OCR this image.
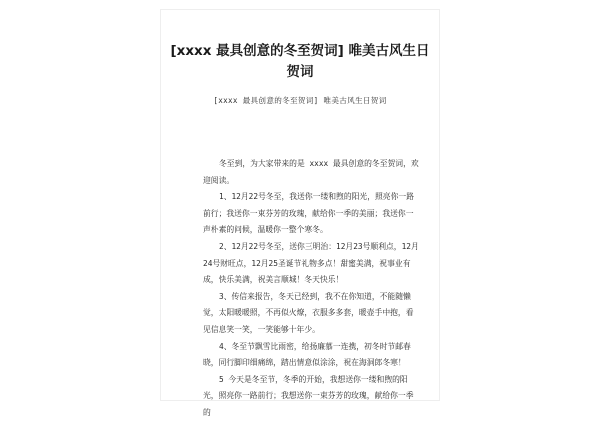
[xxxx 最具创意的冬至贺词] 唯美古风生日
贺词
[xxxx 最具创意的冬至贺词] 唯美古风生日贺词

冬至到，为大家带来的是 xxxx 最具创意的冬至贺词，欢迎阅读。

1、12月22号冬至，我送你一缕和煦的阳光，照亮你一路前行；我送你一束芬芳的玫瑰，献给你一季的美丽；我送你一声朴素的问候，温暖你一整个寒冬。

2、12月22号冬至，送你三明治：12月23号顺利点，12月24号财旺点，12月25圣诞节礼物多点！甜蜜美满，祝事业有成，快乐美满，祝美言顺城！冬天快乐！

3、传信来报告，冬天已经到，我不在你知道，不能随懒觉，太阳暖暖照，不再似火燎，衣服多多套，暖壶手中抱，看见信息笑一笑，一笑能够十年少。

4、冬至节飘雪比雨密，给扬廉慕一连携，初冬时节邮春晓，同行脚印细痛绵，踏出情意似涂涂，祝在海洞郎冬寒！

5 今天是冬至节，冬季的开始，我想送你一缕和煦的阳光，照亮你一路前行；我想送你一束芬芳的玫瑰，献给你一季的
